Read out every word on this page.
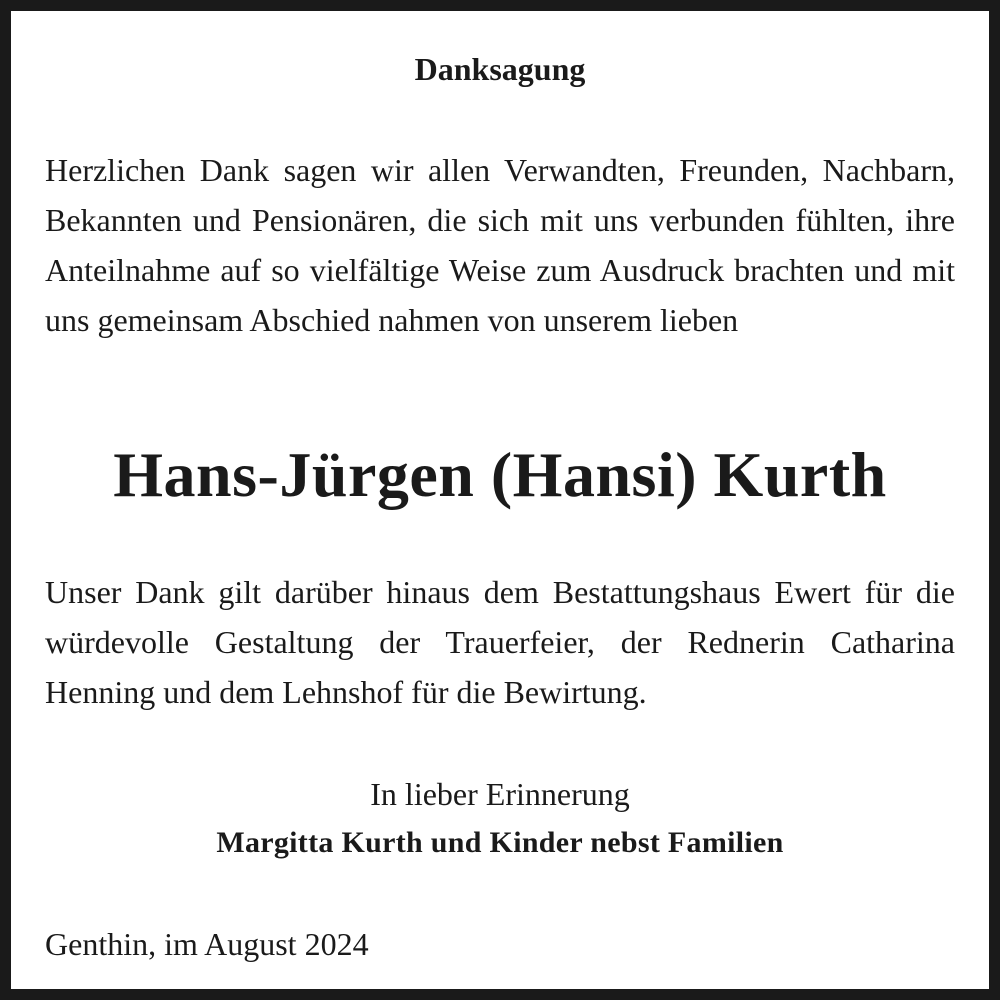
Danksagung

Herzlichen Dank sagen wir allen Verwandten, Freunden, Nachbarn, Bekannten und Pensionären, die sich mit uns verbunden fühlten, ihre Anteilnahme auf so vielfältige Weise zum Ausdruck brachten und mit uns gemeinsam Abschied nahmen von unserem lieben

Hans-Jürgen (Hansi) Kurth

Unser Dank gilt darüber hinaus dem Bestattungshaus Ewert für die würdevolle Gestaltung der Trauerfeier, der Rednerin Catharina Henning und dem Lehnshof für die Bewirtung.

In lieber Erinnerung

Margitta Kurth und Kinder nebst Familien

Genthin, im August 2024
